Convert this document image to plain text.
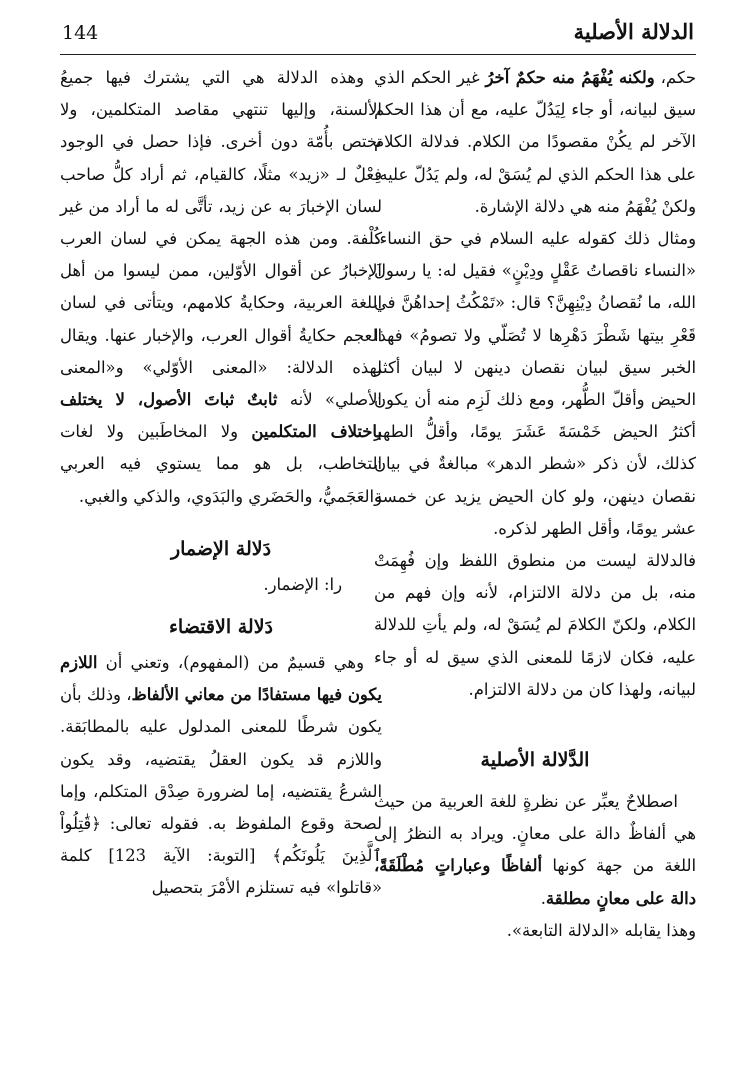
الدلالة الأصلية
144

حكم، ولكنه يُفْهَمُ منه حكمٌ آخرُ غير الحكم الذي سيق لبيانه، أو جاء لِيَدُلّ عليه، مع أن هذا الحكم الآخر لم يكُنْ مقصودًا من الكلام. فدلالة الكلام على هذا الحكم الذي لم يُسَقْ له، ولم يَدُلّ عليه، ولكنْ يُفْهَمُ منه هي دلالة الإشارة.

ومثال ذلك كقوله عليه السلام في حق النساء: «النساء ناقصاتُ عَقْلٍ ودِيْنٍ» فقيل له: يا رسولَ الله، ما نُقصانُ دِيْنِهِنَّ؟ قال: «تَمْكُثُ إحداهُنَّ في قَعْرِ بيتها شَطْرَ دَهْرِها لا تُصَلّي ولا تصومُ» فهذا الخبر سيق لبيان نقصان دينهن لا لبيان أكثر الحيض وأقلّ الطُّهر، ومع ذلك لَزِم منه أن يكون أكثرُ الحيض خَمْسَةَ عَشَرَ يومًا، وأقلُّ الطهر كذلك، لأن ذكر «شطر الدهر» مبالغةٌ في بيان نقصان دينهن، ولو كان الحيض يزيد عن خمسة عشر يومًا، وأقل الطهر لذكره.

فالدلالة ليست من منطوق اللفظ وإن فُهِمَتْ منه، بل من دلالة الالتزام، لأنه وإن فهم من الكلام، ولكنّ الكلامَ لم يُسَقْ له، ولم يأتِ للدلالة عليه، فكان لازمًا للمعنى الذي سيق له أو جاء لبيانه، ولهذا كان من دلالة الالتزام.

الدَّلالة الأصلية

اصطلاحٌ يعبِّر عن نظرةٍ للغة العربية من حيث هي ألفاظٌ دالة على معانٍ. ويراد به النظرُ إلى اللغة من جهة كونها ألفاظًا وعباراتٍ مُطْلَقَةً، دالة على معانٍ مطلقة.

وهذا يقابله «الدلالة التابعة».

وهذه الدلالة هي التي يشترك فيها جميعُ الألسنة، وإليها تنتهي مقاصد المتكلمين، ولا تختص بأُمّة دون أخرى. فإذا حصل في الوجود فِعْلٌ لـ «زيد» مثلًا، كالقيام، ثم أراد كلُّ صاحب لسان الإخبارَ به عن زيد، تأتَّى له ما أراد من غير كُلْفة. ومن هذه الجهة يمكن في لسان العرب الإخبارُ عن أقوال الأوّلين، ممن ليسوا من أهل اللغة العربية، وحكايةُ كلامهم، ويتأتى في لسان العجم حكايةُ أقوال العرب، والإخبار عنها. ويقال لهذه الدلالة: «المعنى الأوّلي» و«المعنى الأصلي» لأنه ثابتٌ ثباتَ الأصول، لا يختلف باختلاف المتكلمين ولا المخاطَبين ولا لغات التخاطب، بل هو مما يستوي فيه العربي والعَجَميُّ، والحَضَري والبَدَوي، والذكي والغبي.

دَلالة الإضمار

را: الإضمار.

دَلالة الاقتضاء

وهي قسيمٌ من (المفهوم)، وتعني أن اللازم يكون فيها مستفادًا من معاني الألفاظ، وذلك بأن يكون شرطًا للمعنى المدلول عليه بالمطابَقة. واللازم قد يكون العقلُ يقتضيه، وقد يكون الشرعُ يقتضيه، إما لضرورة صِدْق المتكلم، وإما لصحة وقوع الملفوظ به. فقوله تعالى: ﴿قَٰتِلُواْ ٱلَّذِينَ يَلُونَكُم﴾ [التوبة: الآية 123] كلمة «قاتلوا» فيه تستلزم الأمْرَ بتحصيل
